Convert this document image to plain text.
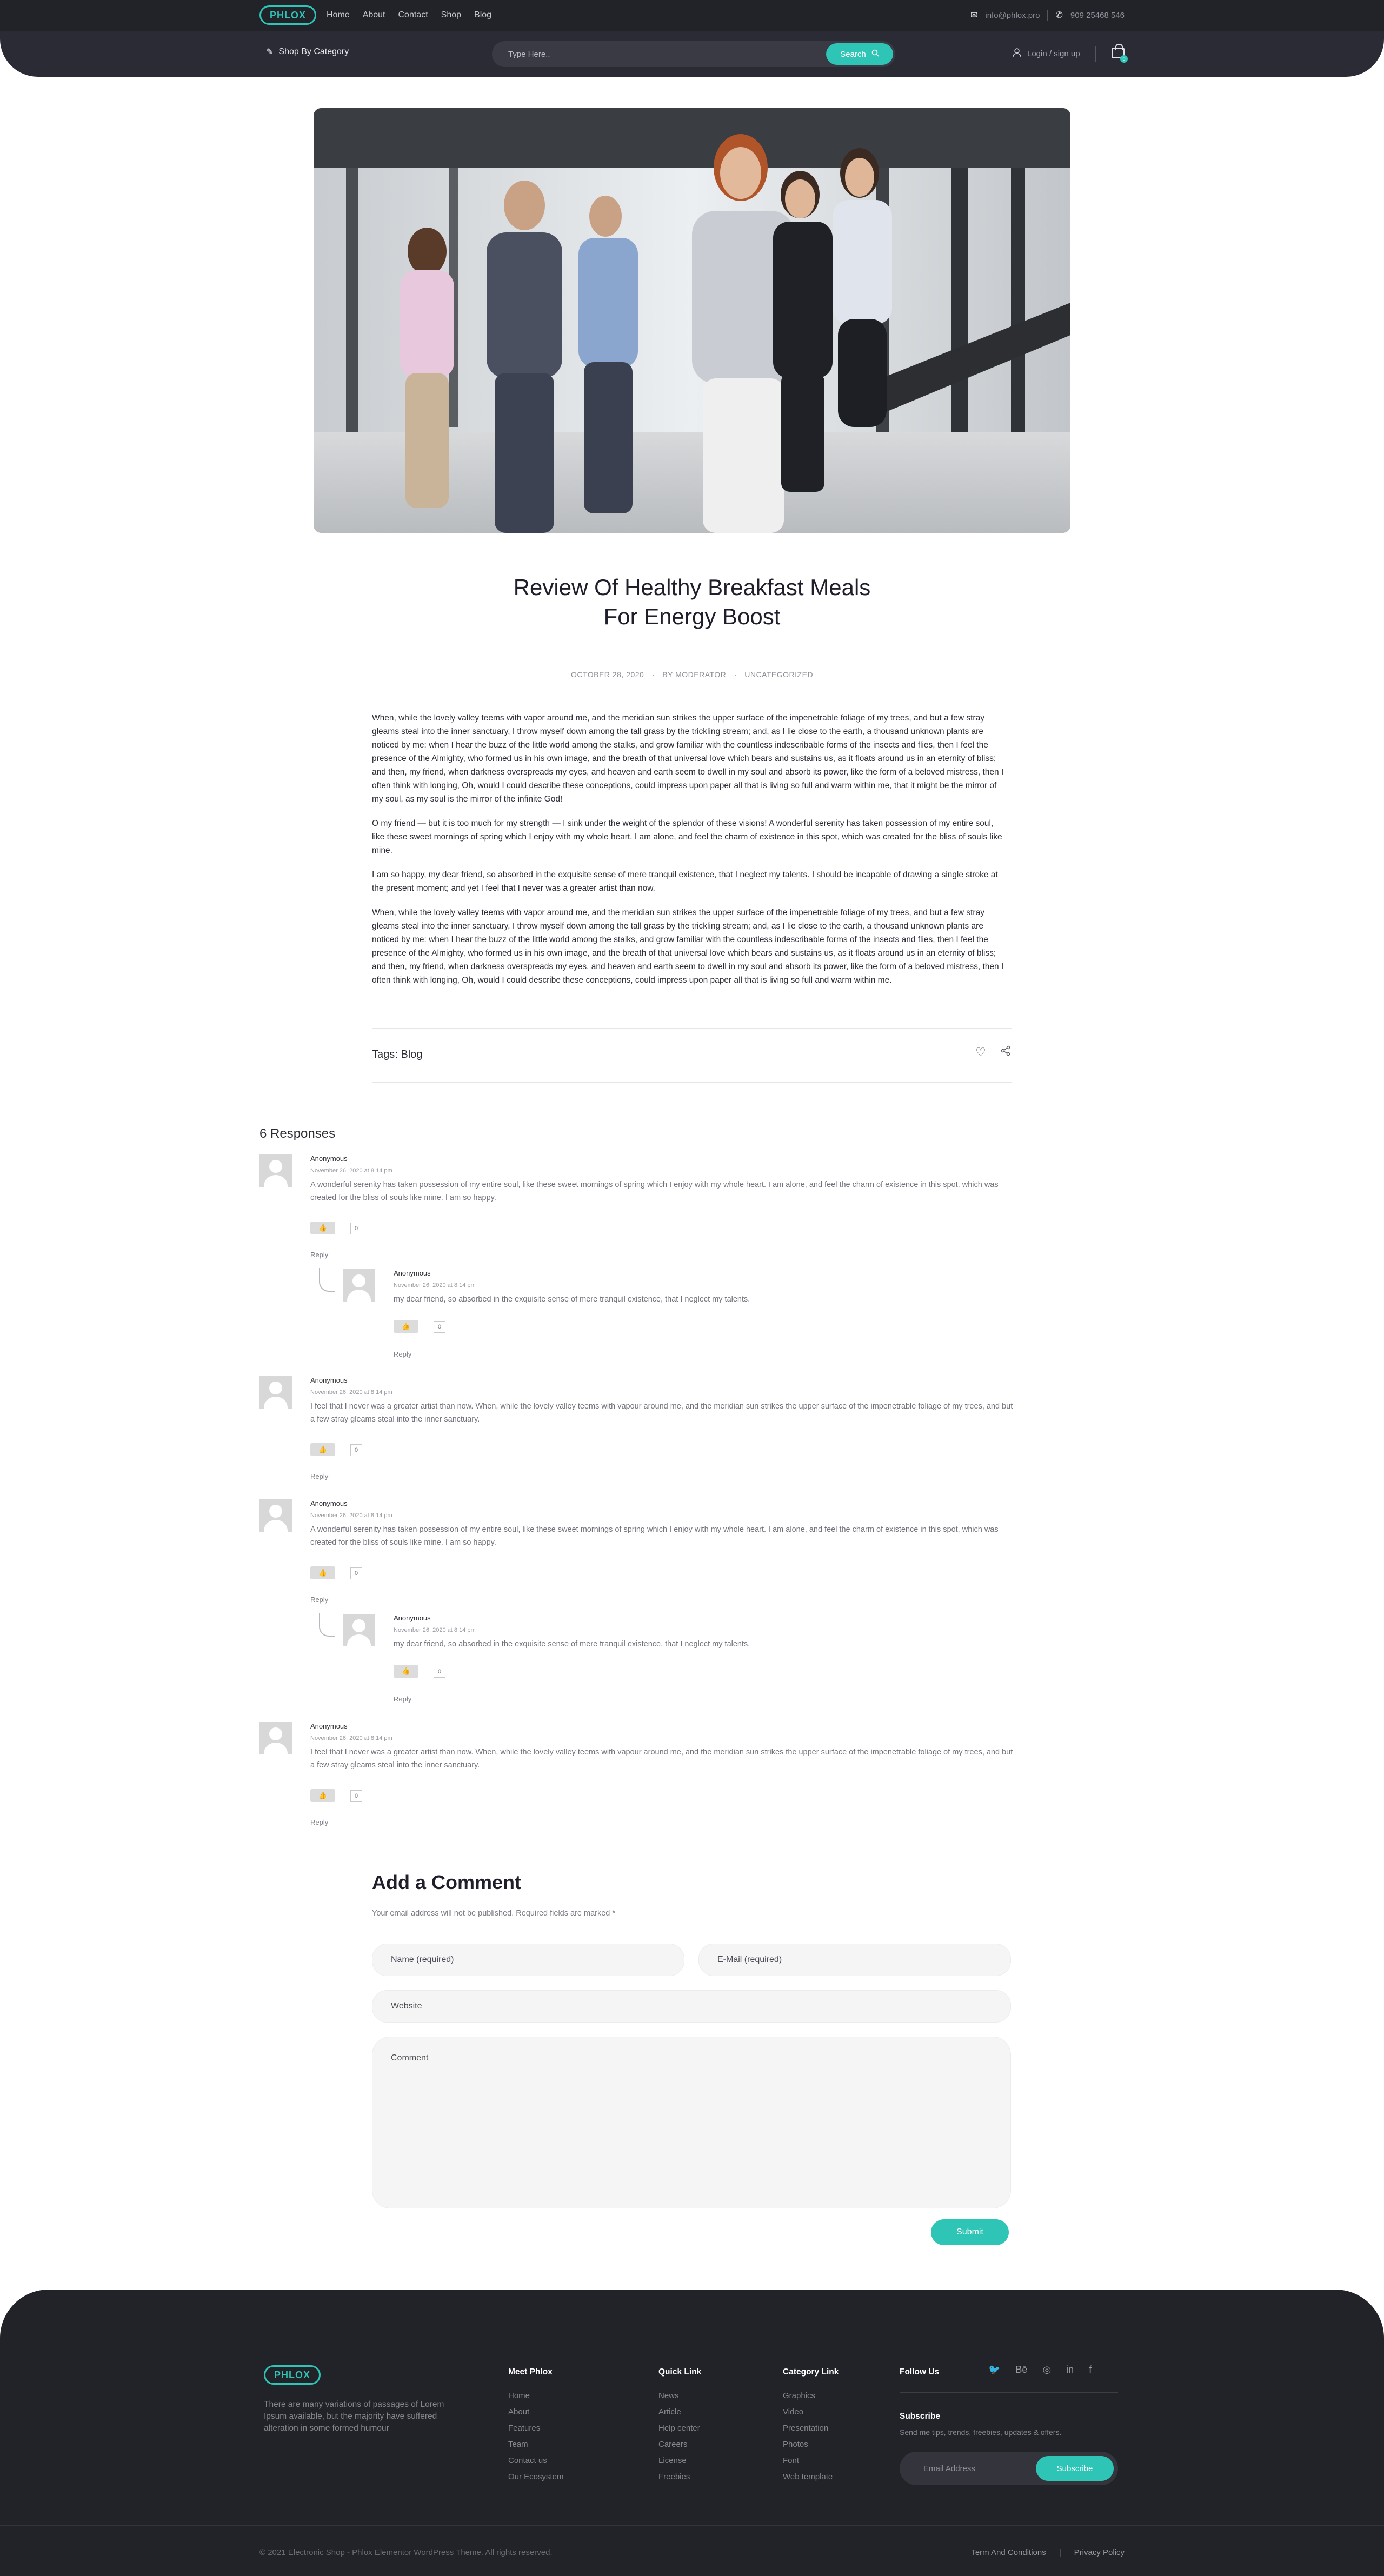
PHLOX	Home About Contact Shop Blog	✉ info@phlox.pro ✆ 909 25468 546
✎ Shop By Category
Type Here..	Search	Login / sign up
0
Review Of Healthy Breakfast Meals
For Energy Boost
OCTOBER 28, 2020 · BY MODERATOR · UNCATEGORIZED

When, while the lovely valley teems with vapor around me, and the meridian sun strikes the upper surface of the impenetrable foliage of my trees, and but a few stray gleams steal into the inner sanctuary, I throw myself down among the tall grass by the trickling stream; and, as I lie close to the earth, a thousand unknown plants are noticed by me: when I hear the buzz of the little world among the stalks, and grow familiar with the countless indescribable forms of the insects and flies, then I feel the presence of the Almighty, who formed us in his own image, and the breath of that universal love which bears and sustains us, as it floats around us in an eternity of bliss; and then, my friend, when darkness overspreads my eyes, and heaven and earth seem to dwell in my soul and absorb its power, like the form of a beloved mistress, then I often think with longing, Oh, would I could describe these conceptions, could impress upon paper all that is living so full and warm within me, that it might be the mirror of my soul, as my soul is the mirror of the infinite God!

O my friend — but it is too much for my strength — I sink under the weight of the splendor of these visions! A wonderful serenity has taken possession of my entire soul, like these sweet mornings of spring which I enjoy with my whole heart. I am alone, and feel the charm of existence in this spot, which was created for the bliss of souls like mine.

I am so happy, my dear friend, so absorbed in the exquisite sense of mere tranquil existence, that I neglect my talents. I should be incapable of drawing a single stroke at the present moment; and yet I feel that I never was a greater artist than now.

When, while the lovely valley teems with vapor around me, and the meridian sun strikes the upper surface of the impenetrable foliage of my trees, and but a few stray gleams steal into the inner sanctuary, I throw myself down among the tall grass by the trickling stream; and, as I lie close to the earth, a thousand unknown plants are noticed by me: when I hear the buzz of the little world among the stalks, and grow familiar with the countless indescribable forms of the insects and flies, then I feel the presence of the Almighty, who formed us in his own image, and the breath of that universal love which bears and sustains us, as it floats around us in an eternity of bliss; and then, my friend, when darkness overspreads my eyes, and heaven and earth seem to dwell in my soul and absorb its power, like the form of a beloved mistress, then I often think with longing, Oh, would I could describe these conceptions, could impress upon paper all that is living so full and warm within me.

Tags: Blog	♡
6 Responses
Anonymous
November 26, 2020 at 8:14 pm
A wonderful serenity has taken possession of my entire soul, like these sweet mornings of spring which I enjoy with my whole heart. I am alone, and feel the charm of existence in this spot, which was
created for the bliss of souls like mine. I am so happy.
👍	0
Reply
Anonymous
November 26, 2020 at 8:14 pm
my dear friend, so absorbed in the exquisite sense of mere tranquil existence, that I neglect my talents.
👍	0
Reply
Anonymous
November 26, 2020 at 8:14 pm
I feel that I never was a greater artist than now. When, while the lovely valley teems with vapour around me, and the meridian sun strikes the upper surface of the impenetrable foliage of my trees, and but
a few stray gleams steal into the inner sanctuary.
👍	0
Reply
Anonymous
November 26, 2020 at 8:14 pm
A wonderful serenity has taken possession of my entire soul, like these sweet mornings of spring which I enjoy with my whole heart. I am alone, and feel the charm of existence in this spot, which was
created for the bliss of souls like mine. I am so happy.
👍	0
Reply
Anonymous
November 26, 2020 at 8:14 pm
my dear friend, so absorbed in the exquisite sense of mere tranquil existence, that I neglect my talents.
👍	0
Reply
Anonymous
November 26, 2020 at 8:14 pm
I feel that I never was a greater artist than now. When, while the lovely valley teems with vapour around me, and the meridian sun strikes the upper surface of the impenetrable foliage of my trees, and but
a few stray gleams steal into the inner sanctuary.
👍	0
Reply
Add a Comment
Your email address will not be published. Required fields are marked *
Name (required)
E-Mail (required)
Website
Comment
Submit
PHLOX
There are many variations of passages of Lorem Ipsum available, but the majority have suffered alteration in some formed humour
Meet Phlox
Home
About
Features
Team
Contact us
Our Ecosystem
Quick Link
News
Article
Help center
Careers
License
Freebies
Category Link
Graphics
Video
Presentation
Photos
Font
Web template
Follow Us	🐦 Bē ◎ in f
Subscribe
Send me tips, trends, freebies, updates & offers.
Email Address
Subscribe
© 2021 Electronic Shop - Phlox Elementor WordPress Theme. All rights reserved.	Term And Conditions | Privacy Policy
